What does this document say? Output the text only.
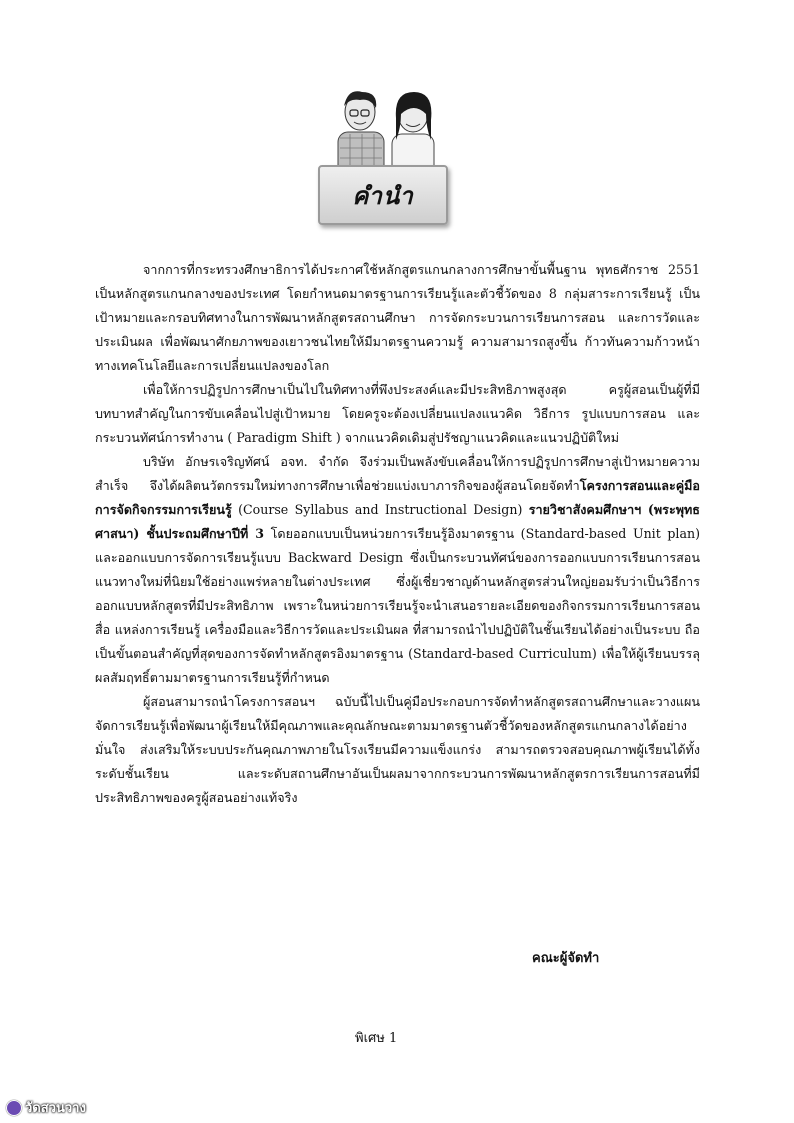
คำนำ

จากการที่กระทรวงศึกษาธิการได้ประกาศใช้หลักสูตรแกนกลางการศึกษาขั้นพื้นฐาน พุทธศักราช 2551 เป็นหลักสูตรแกนกลางของประเทศ โดยกำหนดมาตรฐานการเรียนรู้และตัวชี้วัดของ 8 กลุ่มสาระการเรียนรู้ เป็นเป้าหมายและกรอบทิศทางในการพัฒนาหลักสูตรสถานศึกษา การจัดกระบวนการเรียนการสอน และการวัดและประเมินผล เพื่อพัฒนาศักยภาพของเยาวชนไทยให้มีมาตรฐานความรู้ ความสามารถสูงขึ้น ก้าวทันความก้าวหน้าทางเทคโนโลยีและการเปลี่ยนแปลงของโลก

เพื่อให้การปฏิรูปการศึกษาเป็นไปในทิศทางที่พึงประสงค์และมีประสิทธิภาพสูงสุด ครูผู้สอนเป็นผู้ที่มีบทบาทสำคัญในการขับเคลื่อนไปสู่เป้าหมาย โดยครูจะต้องเปลี่ยนแปลงแนวคิด วิธีการ รูปแบบการสอน และกระบวนทัศน์การทำงาน ( Paradigm Shift ) จากแนวคิดเดิมสู่ปรัชญาแนวคิดและแนวปฏิบัติใหม่

บริษัท อักษรเจริญทัศน์ อจท. จำกัด จึงร่วมเป็นพลังขับเคลื่อนให้การปฏิรูปการศึกษาสู่เป้าหมายความสำเร็จ จึงได้ผลิตนวัตกรรมใหม่ทางการศึกษาเพื่อช่วยแบ่งเบาภารกิจของผู้สอนโดยจัดทำโครงการสอนและคู่มือการจัดกิจกรรมการเรียนรู้ (Course Syllabus and Instructional Design) รายวิชาสังคมศึกษาฯ (พระพุทธศาสนา) ชั้นประถมศึกษาปีที่ 3 โดยออกแบบเป็นหน่วยการเรียนรู้อิงมาตรฐาน (Standard-based Unit plan) และออกแบบการจัดการเรียนรู้แบบ Backward Design ซึ่งเป็นกระบวนทัศน์ของการออกแบบการเรียนการสอนแนวทางใหม่ที่นิยมใช้อย่างแพร่หลายในต่างประเทศ ซึ่งผู้เชี่ยวชาญด้านหลักสูตรส่วนใหญ่ยอมรับว่าเป็นวิธีการออกแบบหลักสูตรที่มีประสิทธิภาพ เพราะในหน่วยการเรียนรู้จะนำเสนอรายละเอียดของกิจกรรมการเรียนการสอน สื่อ แหล่งการเรียนรู้ เครื่องมือและวิธีการวัดและประเมินผล ที่สามารถนำไปปฏิบัติในชั้นเรียนได้อย่างเป็นระบบ ถือเป็นขั้นตอนสำคัญที่สุดของการจัดทำหลักสูตรอิงมาตรฐาน (Standard-based Curriculum) เพื่อให้ผู้เรียนบรรลุผลสัมฤทธิ์ตามมาตรฐานการเรียนรู้ที่กำหนด

ผู้สอนสามารถนำโครงการสอนฯ ฉบับนี้ไปเป็นคู่มือประกอบการจัดทำหลักสูตรสถานศึกษาและวางแผนจัดการเรียนรู้เพื่อพัฒนาผู้เรียนให้มีคุณภาพและคุณลักษณะตามมาตรฐานตัวชี้วัดของหลักสูตรแกนกลางได้อย่างมั่นใจ ส่งเสริมให้ระบบประกันคุณภาพภายในโรงเรียนมีความแข็งแกร่ง สามารถตรวจสอบคุณภาพผู้เรียนได้ทั้งระดับชั้นเรียน และระดับสถานศึกษาอันเป็นผลมาจากกระบวนการพัฒนาหลักสูตรการเรียนการสอนที่มีประสิทธิภาพของครูผู้สอนอย่างแท้จริง

คณะผู้จัดทำ
พิเศษ 1
วัดสวนวาง
